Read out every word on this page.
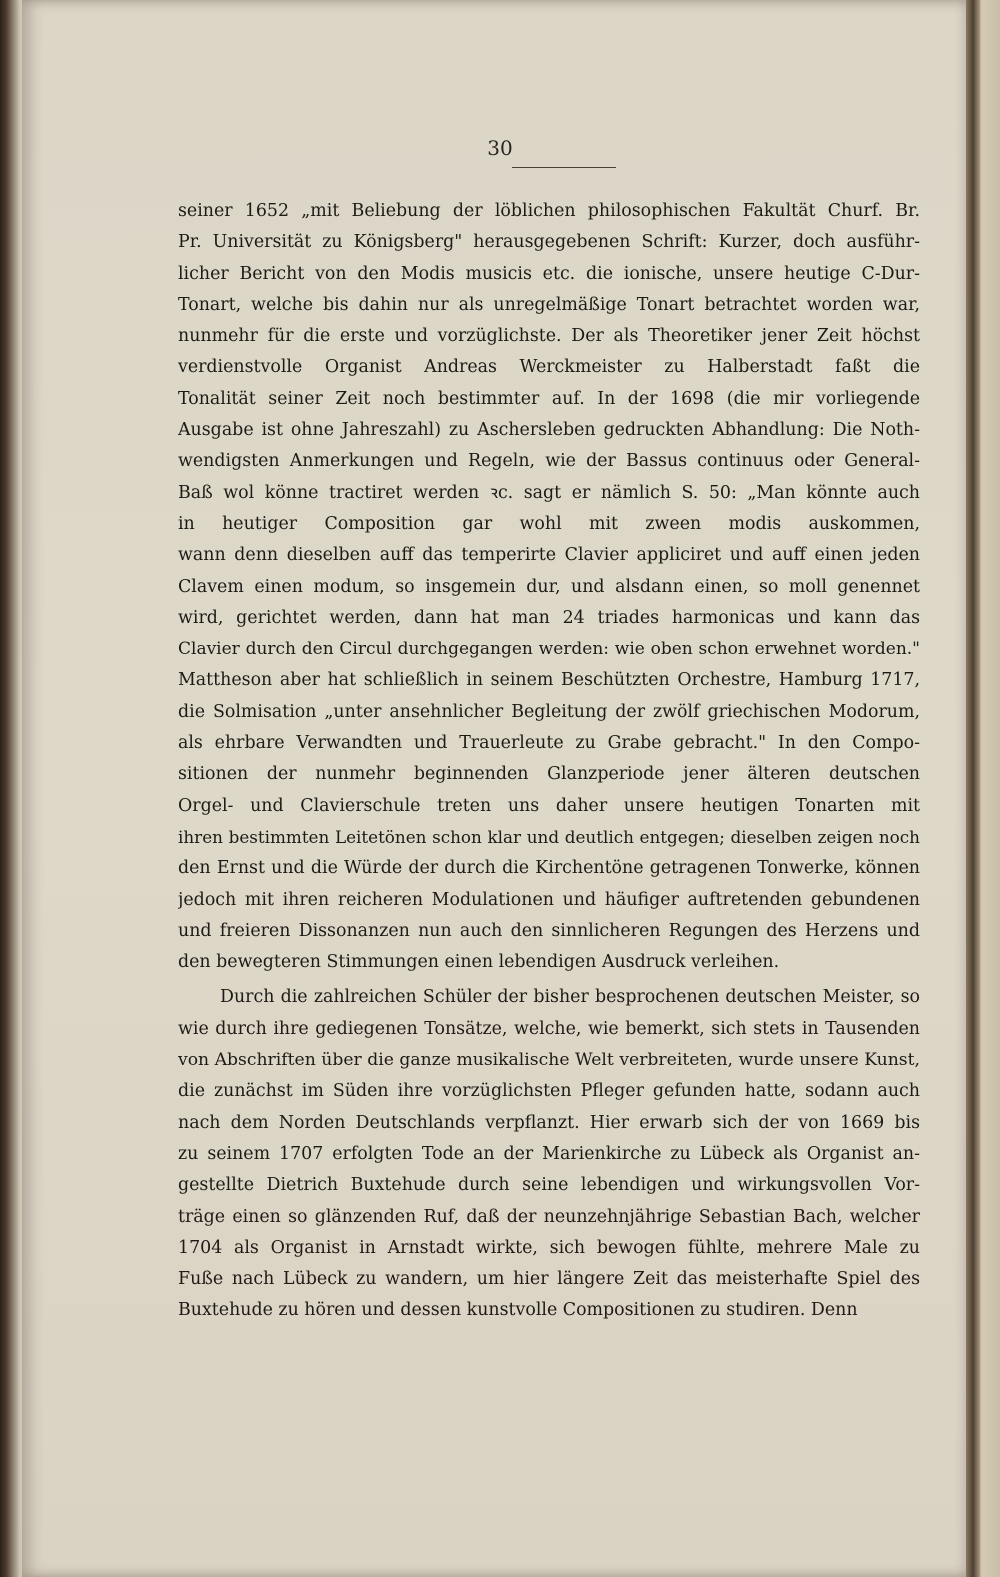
30
seiner 1652 „mit Beliebung der löblichen philosophischen Fakultät Churf. Br.
Pr. Universität zu Königsberg" herausgegebenen Schrift: Kurzer, doch ausführ-
licher Bericht von den Modis musicis etc. die ionische, unsere heutige C-Dur-
Tonart, welche bis dahin nur als unregelmäßige Tonart betrachtet worden war,
nunmehr für die erste und vorzüglichste. Der als Theoretiker jener Zeit höchst
verdienstvolle Organist Andreas Werckmeister zu Halberstadt faßt die
Tonalität seiner Zeit noch bestimmter auf. In der 1698 (die mir vorliegende
Ausgabe ist ohne Jahreszahl) zu Aschersleben gedruckten Abhandlung: Die Noth-
wendigsten Anmerkungen und Regeln, wie der Bassus continuus oder General-
Baß wol könne tractiret werden ꝛc. sagt er nämlich S. 50: „Man könnte auch
in heutiger Composition gar wohl mit zween modis auskommen,
wann denn dieselben auff das temperirte Clavier appliciret und auff einen jeden
Clavem einen modum, so insgemein dur, und alsdann einen, so moll genennet
wird, gerichtet werden, dann hat man 24 triades harmonicas und kann das
Clavier durch den Circul durchgegangen werden: wie oben schon erwehnet worden."
Mattheson aber hat schließlich in seinem Beschützten Orchestre, Hamburg 1717,
die Solmisation „unter ansehnlicher Begleitung der zwölf griechischen Modorum,
als ehrbare Verwandten und Trauerleute zu Grabe gebracht." In den Compo-
sitionen der nunmehr beginnenden Glanzperiode jener älteren deutschen
Orgel- und Clavierschule treten uns daher unsere heutigen Tonarten mit
ihren bestimmten Leitetönen schon klar und deutlich entgegen; dieselben zeigen noch
den Ernst und die Würde der durch die Kirchentöne getragenen Tonwerke, können
jedoch mit ihren reicheren Modulationen und häufiger auftretenden gebundenen
und freieren Dissonanzen nun auch den sinnlicheren Regungen des Herzens und
den bewegteren Stimmungen einen lebendigen Ausdruck verleihen.
Durch die zahlreichen Schüler der bisher besprochenen deutschen Meister, so
wie durch ihre gediegenen Tonsätze, welche, wie bemerkt, sich stets in Tausenden
von Abschriften über die ganze musikalische Welt verbreiteten, wurde unsere Kunst,
die zunächst im Süden ihre vorzüglichsten Pfleger gefunden hatte, sodann auch
nach dem Norden Deutschlands verpflanzt. Hier erwarb sich der von 1669 bis
zu seinem 1707 erfolgten Tode an der Marienkirche zu Lübeck als Organist an-
gestellte Dietrich Buxtehude durch seine lebendigen und wirkungsvollen Vor-
träge einen so glänzenden Ruf, daß der neunzehnjährige Sebastian Bach, welcher
1704 als Organist in Arnstadt wirkte, sich bewogen fühlte, mehrere Male zu
Fuße nach Lübeck zu wandern, um hier längere Zeit das meisterhafte Spiel des
Buxtehude zu hören und dessen kunstvolle Compositionen zu studiren. Denn
